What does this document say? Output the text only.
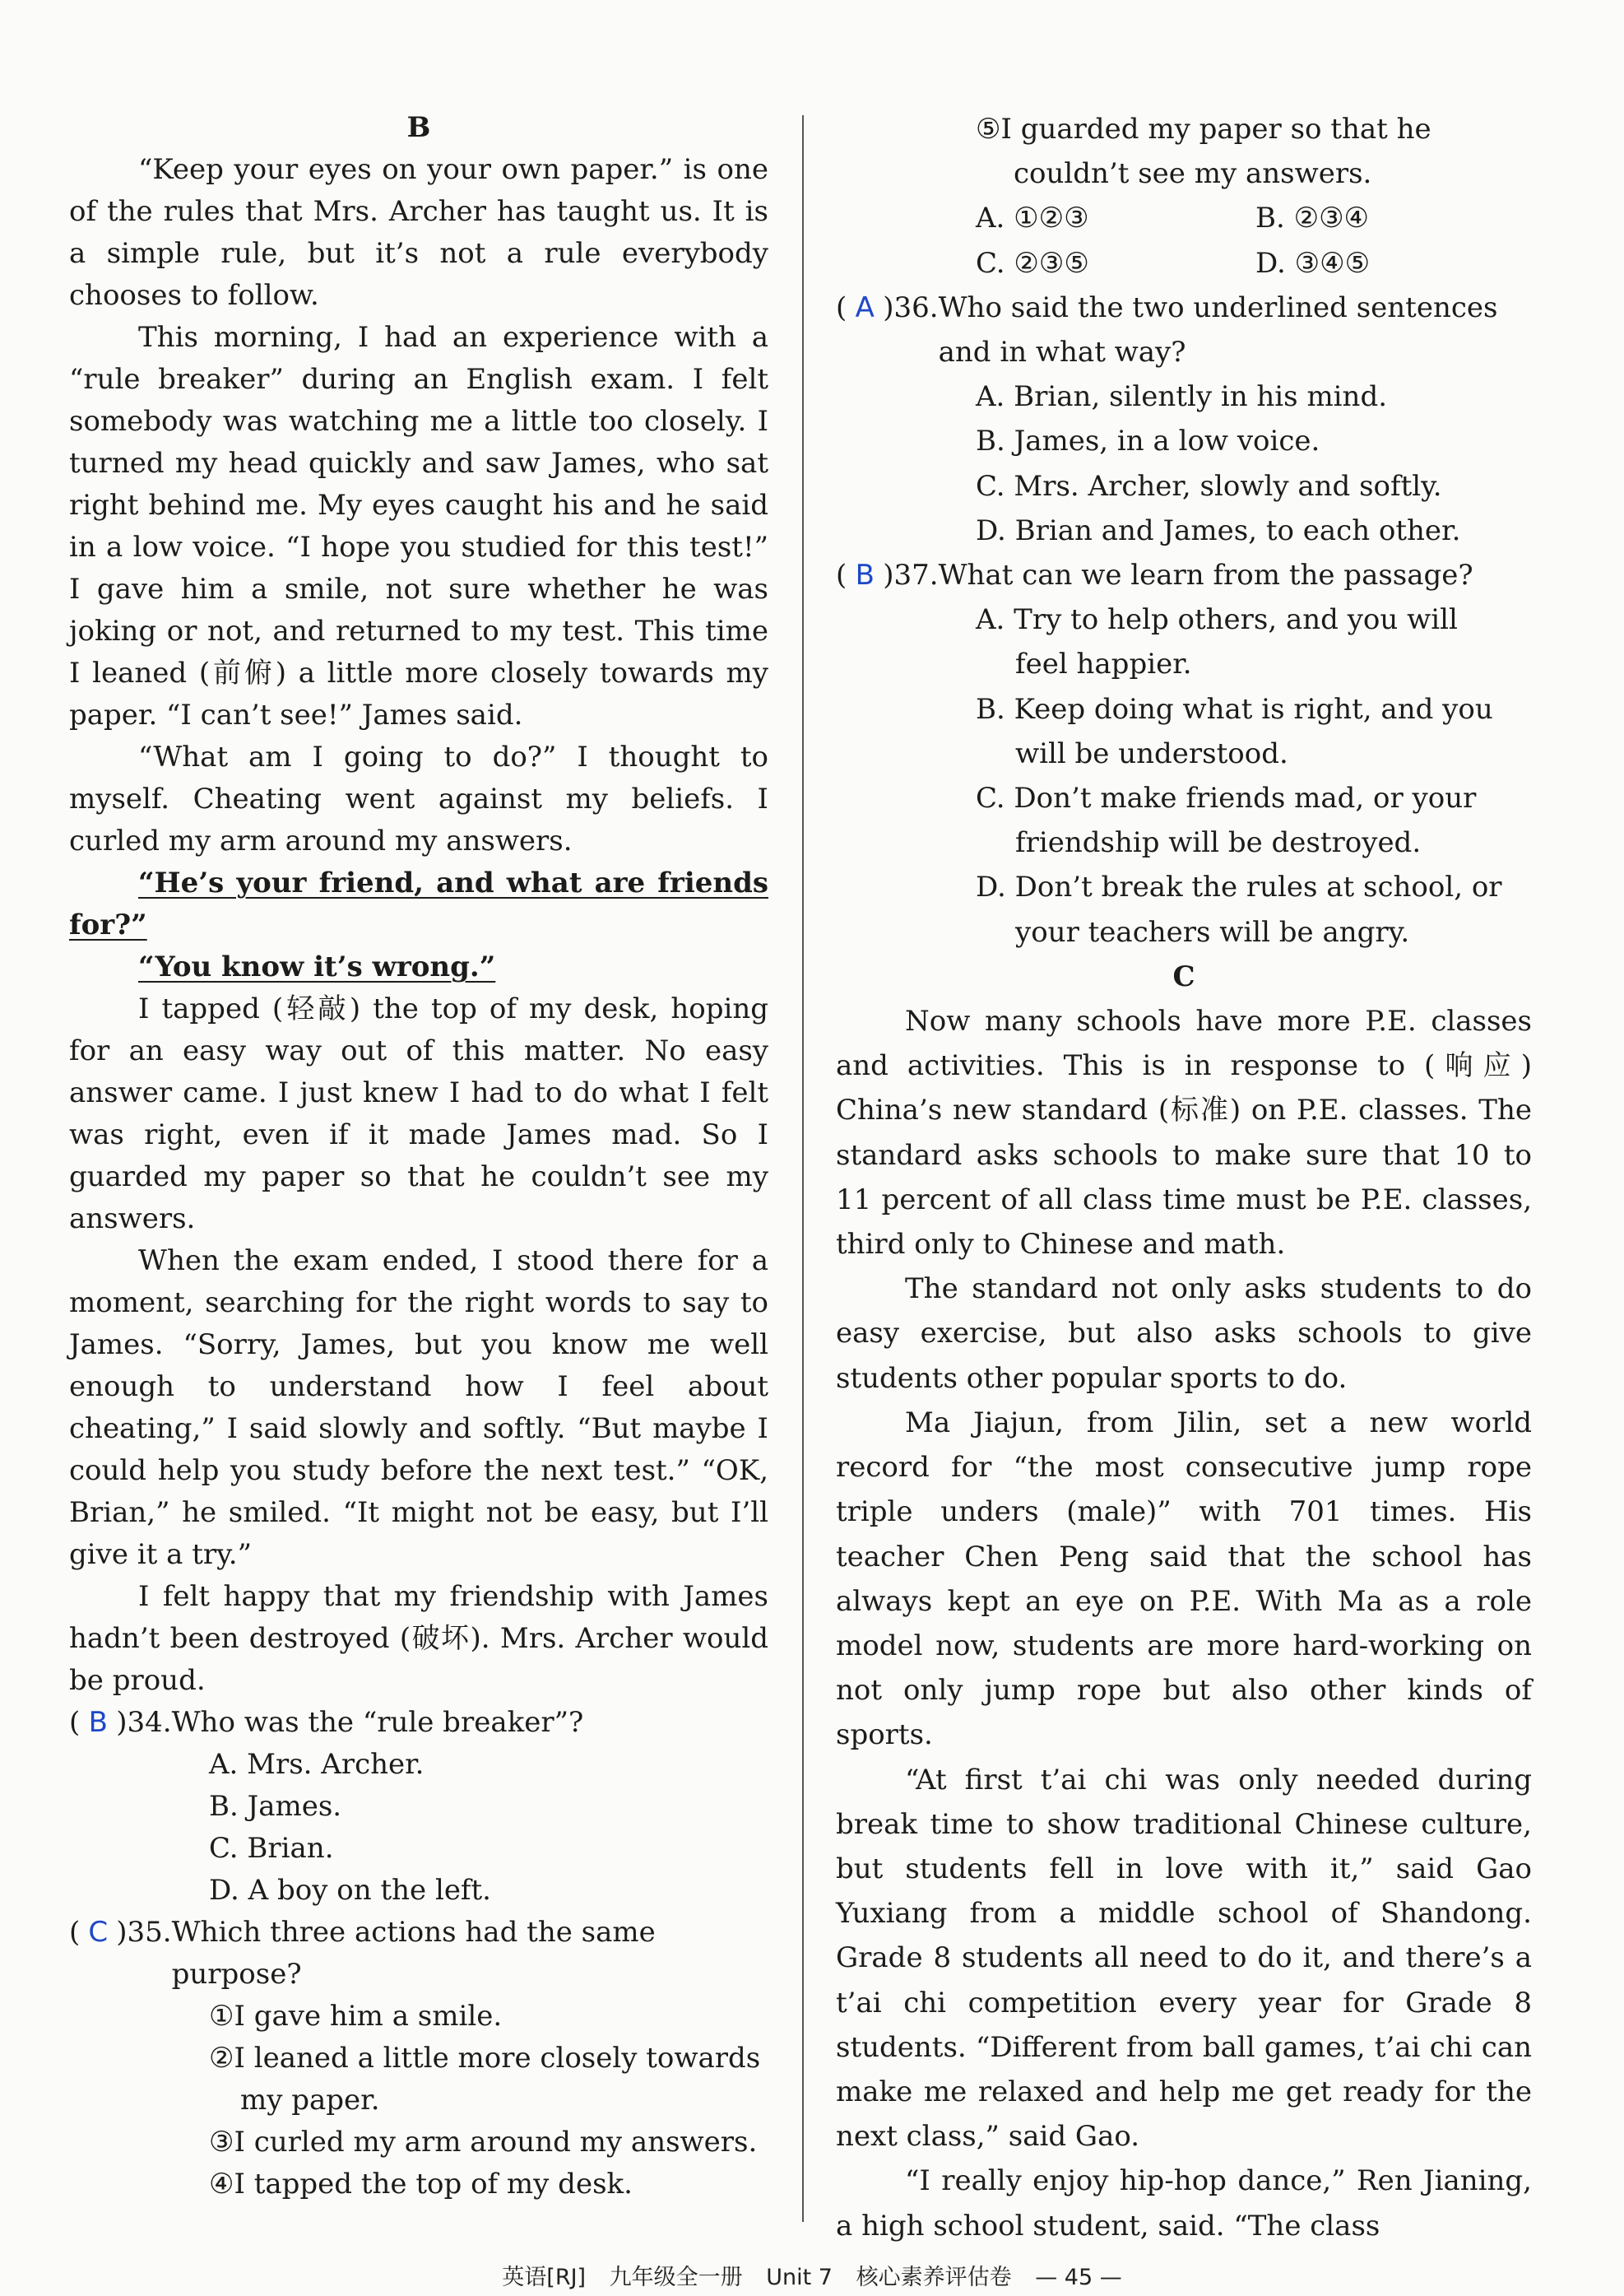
B

“Keep your eyes on your own paper.” is one of the rules that Mrs. Archer has taught us. It is a simple rule, but it’s not a rule everybody chooses to follow.

This morning, I had an experience with a “rule breaker” during an English exam. I felt somebody was watching me a little too closely. I turned my head quickly and saw James, who sat right behind me. My eyes caught his and he said in a low voice. “I hope you studied for this test!” I gave him a smile, not sure whether he was joking or not, and returned to my test. This time I leaned (前俯) a little more closely towards my paper. “I can’t see!” James said.

“What am I going to do?” I thought to myself. Cheating went against my beliefs. I curled my arm around my answers.

“He’s your friend, and what are friends for?”

“You know it’s wrong.”

I tapped (轻敲) the top of my desk, hoping for an easy way out of this matter. No easy answer came. I just knew I had to do what I felt was right, even if it made James mad. So I guarded my paper so that he couldn’t see my answers.

When the exam ended, I stood there for a moment, searching for the right words to say to James. “Sorry, James, but you know me well enough to understand how I feel about cheating,” I said slowly and softly. “But maybe I could help you study before the next test.” “OK, Brian,” he smiled. “It might not be easy, but I’ll give it a try.”

I felt happy that my friendship with James hadn’t been destroyed (破坏). Mrs. Archer would be proud.

( B )34. Who was the “rule breaker”?
A. Mrs. Archer.
B. James.
C. Brian.
D. A boy on the left.
( C )35. Which three actions had the same purpose?
①I gave him a smile.
②I leaned a little more closely towards
my paper.
③I curled my arm around my answers.
④I tapped the top of my desk.
⑤I guarded my paper so that he
couldn’t see my answers.
A. ①②③	B. ②③④
C. ②③⑤	D. ③④⑤
( A )36. Who said the two underlined sentences and in what way?
A. Brian, silently in his mind.
B. James, in a low voice.
C. Mrs. Archer, slowly and softly.
D. Brian and James, to each other.
( B )37. What can we learn from the passage?
A. Try to help others, and you will
feel happier.
B. Keep doing what is right, and you
will be understood.
C. Don’t make friends mad, or your
friendship will be destroyed.
D. Don’t break the rules at school, or
your teachers will be angry.
C

Now many schools have more P.E. classes and activities. This is in response to (响应) China’s new standard (标准) on P.E. classes. The standard asks schools to make sure that 10 to 11 percent of all class time must be P.E. classes, third only to Chinese and math.

The standard not only asks students to do easy exercise, but also asks schools to give students other popular sports to do.

Ma Jiajun, from Jilin, set a new world record for “the most consecutive jump rope triple unders (male)” with 701 times. His teacher Chen Peng said that the school has always kept an eye on P.E. With Ma as a role model now, students are more hard-working on not only jump rope but also other kinds of sports.

“At first t’ai chi was only needed during break time to show traditional Chinese culture, but students fell in love with it,” said Gao Yuxiang from a middle school of Shandong. Grade 8 students all need to do it, and there’s a t’ai chi competition every year for Grade 8 students. “Different from ball games, t’ai chi can make me relaxed and help me get ready for the next class,” said Gao.

“I really enjoy hip-hop dance,” Ren Jianing, a high school student, said. “The class

英语[RJ] 九年级全一册 Unit 7 核心素养评估卷 — 45 —
